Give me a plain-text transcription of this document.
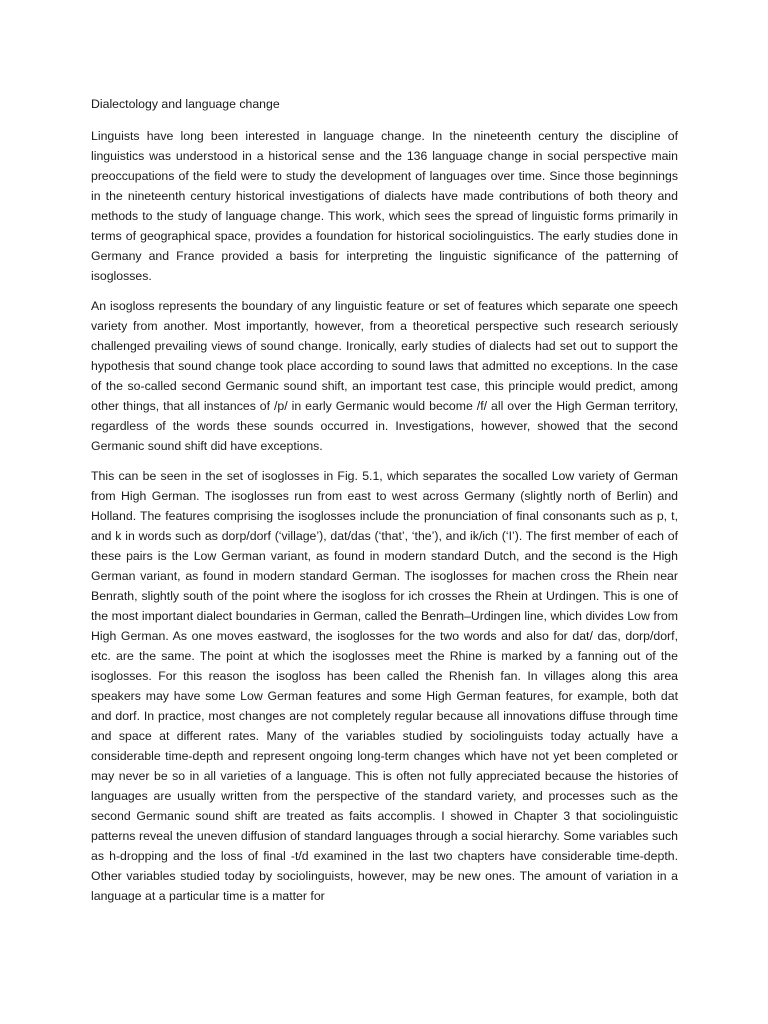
Dialectology and language change

Linguists have long been interested in language change. In the nineteenth century the discipline of linguistics was understood in a historical sense and the 136 language change in social perspective main preoccupations of the field were to study the development of languages over time. Since those beginnings in the nineteenth century historical investigations of dialects have made contributions of both theory and methods to the study of language change. This work, which sees the spread of linguistic forms primarily in terms of geographical space, provides a foundation for historical sociolinguistics. The early studies done in Germany and France provided a basis for interpreting the linguistic significance of the patterning of isoglosses.

An isogloss represents the boundary of any linguistic feature or set of features which separate one speech variety from another. Most importantly, however, from a theoretical perspective such research seriously challenged prevailing views of sound change. Ironically, early studies of dialects had set out to support the hypothesis that sound change took place according to sound laws that admitted no exceptions. In the case of the so-called second Germanic sound shift, an important test case, this principle would predict, among other things, that all instances of /p/ in early Germanic would become /f/ all over the High German territory, regardless of the words these sounds occurred in. Investigations, however, showed that the second Germanic sound shift did have exceptions.

This can be seen in the set of isoglosses in Fig. 5.1, which separates the socalled Low variety of German from High German. The isoglosses run from east to west across Germany (slightly north of Berlin) and Holland. The features comprising the isoglosses include the pronunciation of final consonants such as p, t, and k in words such as dorp/dorf (‘village’), dat/das (‘that’, ‘the’), and ik/ich (‘I’). The first member of each of these pairs is the Low German variant, as found in modern standard Dutch, and the second is the High German variant, as found in modern standard German. The isoglosses for machen cross the Rhein near Benrath, slightly south of the point where the isogloss for ich crosses the Rhein at Urdingen. This is one of the most important dialect boundaries in German, called the Benrath–Urdingen line, which divides Low from High German. As one moves eastward, the isoglosses for the two words and also for dat/ das, dorp/dorf, etc. are the same. The point at which the isoglosses meet the Rhine is marked by a fanning out of the isoglosses. For this reason the isogloss has been called the Rhenish fan. In villages along this area speakers may have some Low German features and some High German features, for example, both dat and dorf. In practice, most changes are not completely regular because all innovations diffuse through time and space at different rates. Many of the variables studied by sociolinguists today actually have a considerable time-depth and represent ongoing long-term changes which have not yet been completed or may never be so in all varieties of a language. This is often not fully appreciated because the histories of languages are usually written from the perspective of the standard variety, and processes such as the second Germanic sound shift are treated as faits accomplis. I showed in Chapter 3 that sociolinguistic patterns reveal the uneven diffusion of standard languages through a social hierarchy. Some variables such as h-dropping and the loss of final -t/d examined in the last two chapters have considerable time-depth. Other variables studied today by sociolinguists, however, may be new ones. The amount of variation in a language at a particular time is a matter for
